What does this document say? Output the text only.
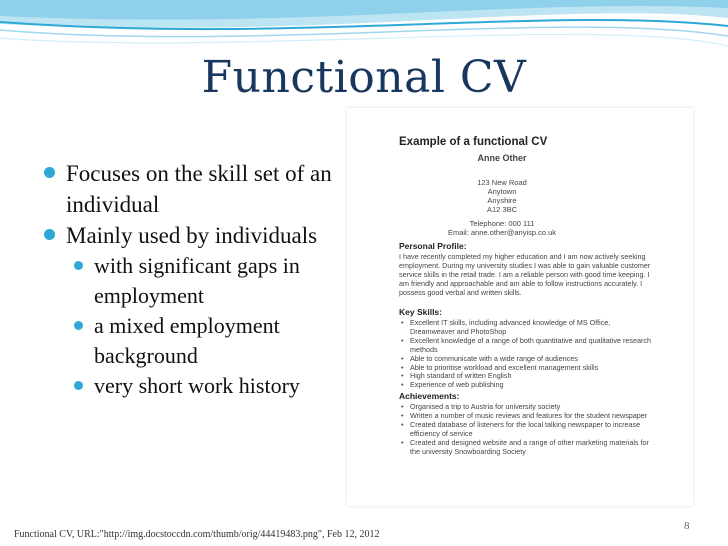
Functional CV
Focuses on the skill set of an individual
Mainly used by individuals
with significant gaps in employment
a mixed employment background
very short work history
Example of a functional CV
Anne Other
123 New Road
Anytown
Anyshire
A12 3BC
Telephone: 000 111
Email: anne.other@anyisp.co.uk
Personal Profile:
I have recently completed my higher education and I am now actively seeking employment. During my university studies I was able to gain valuable customer service skills in the retail trade. I am a reliable person with good time keeping. I am friendly and approachable and am able to follow instructions accurately. I possess good verbal and written skills.
Key Skills:
• Excellent IT skills, including advanced knowledge of MS Office, Dreamweaver and PhotoShop
• Excellent knowledge of a range of both quantitative and qualitative research methods
• Able to communicate with a wide range of audiences
• Able to prioritise workload and excellent management skills
• High standard of written English
• Experience of web publishing
Achievements:
• Organised a trip to Austria for university society
• Written a number of music reviews and features for the student newspaper
• Created database of listeners for the local talking newspaper to increase efficiency of service
• Created and designed website and a range of other marketing materials for the university Snowboarding Society
Functional CV, URL:"http://img.docstoccdn.com/thumb/orig/44419483.png", Feb 12, 2012
8
